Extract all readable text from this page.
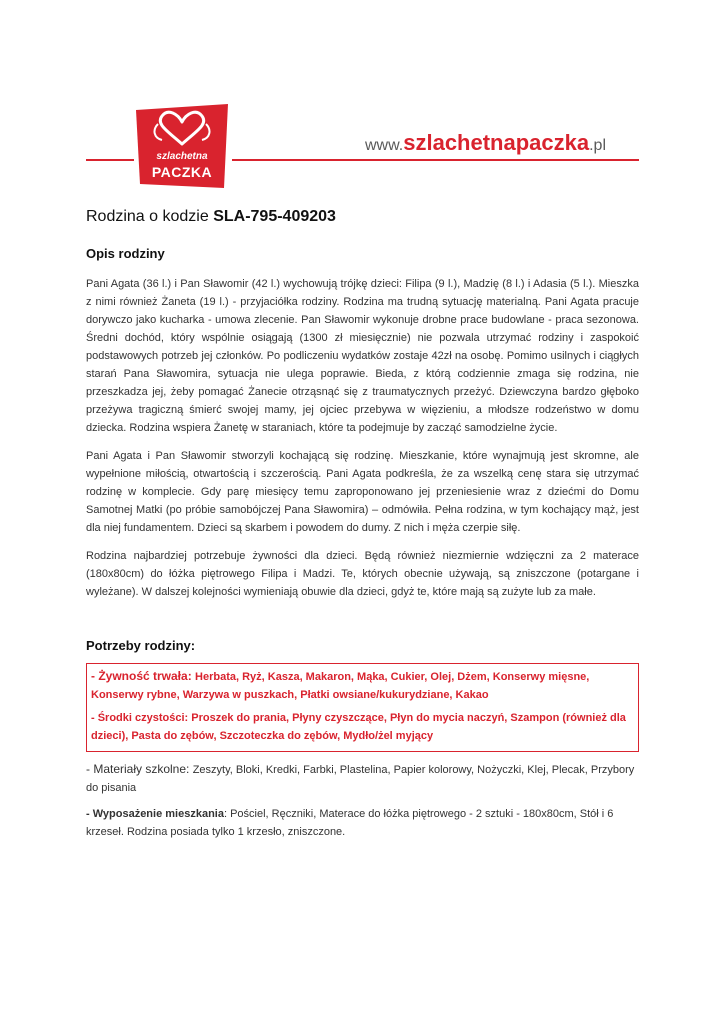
szlachetna
PACZKA
www.szlachetnapaczka.pl

Rodzina o kodzie SLA-795-409203

Opis rodziny

Pani Agata (36 l.) i Pan Sławomir (42 l.) wychowują trójkę dzieci: Filipa (9 l.), Madzię (8 l.) i Adasia (5 l.). Mieszka z nimi również Żaneta (19 l.) - przyjaciółka rodziny. Rodzina ma trudną sytuację materialną. Pani Agata pracuje dorywczo jako kucharka - umowa zlecenie. Pan Sławomir wykonuje drobne prace budowlane - praca sezonowa. Średni dochód, który wspólnie osiągają (1300 zł miesięcznie) nie pozwala utrzymać rodziny i zaspokoić podstawowych potrzeb jej członków. Po podliczeniu wydatków zostaje 42zł na osobę. Pomimo usilnych i ciągłych starań Pana Sławomira, sytuacja nie ulega poprawie. Bieda, z którą codziennie zmaga się rodzina, nie przeszkadza jej, żeby pomagać Żanecie otrząsnąć się z traumatycznych przeżyć. Dziewczyna bardzo głęboko przeżywa tragiczną śmierć swojej mamy, jej ojciec przebywa w więzieniu, a młodsze rodzeństwo w domu dziecka. Rodzina wspiera Żanetę w staraniach, które ta podejmuje by zacząć samodzielne życie.

Pani Agata i Pan Sławomir stworzyli kochającą się rodzinę. Mieszkanie, które wynajmują jest skromne, ale wypełnione miłością, otwartością i szczerością. Pani Agata podkreśla, że za wszelką cenę stara się utrzymać rodzinę w komplecie. Gdy parę miesięcy temu zaproponowano jej przeniesienie wraz z dziećmi do Domu Samotnej Matki (po próbie samobójczej Pana Sławomira) – odmówiła. Pełna rodzina, w tym kochający mąż, jest dla niej fundamentem. Dzieci są skarbem i powodem do dumy. Z nich i męża czerpie siłę.

Rodzina najbardziej potrzebuje żywności dla dzieci. Będą również niezmiernie wdzięczni za 2 materace (180x80cm) do łóżka piętrowego Filipa i Madzi. Te, których obecnie używają, są zniszczone (potargane i wyleżane). W dalszej kolejności wymieniają obuwie dla dzieci, gdyż te, które mają są zużyte lub za małe.

Potrzeby rodziny:

- Żywność trwała: Herbata, Ryż, Kasza, Makaron, Mąka, Cukier, Olej, Dżem, Konserwy mięsne, Konserwy rybne, Warzywa w puszkach, Płatki owsiane/kukurydziane, Kakao

- Środki czystości: Proszek do prania, Płyny czyszczące, Płyn do mycia naczyń, Szampon (również dla dzieci), Pasta do zębów, Szczoteczka do zębów, Mydło/żel myjący

- Materiały szkolne: Zeszyty, Bloki, Kredki, Farbki, Plastelina, Papier kolorowy, Nożyczki, Klej, Plecak, Przybory do pisania

- Wyposażenie mieszkania: Pościel, Ręczniki, Materace do łóżka piętrowego - 2 sztuki - 180x80cm, Stół i 6 krzeseł. Rodzina posiada tylko 1 krzesło, zniszczone.
